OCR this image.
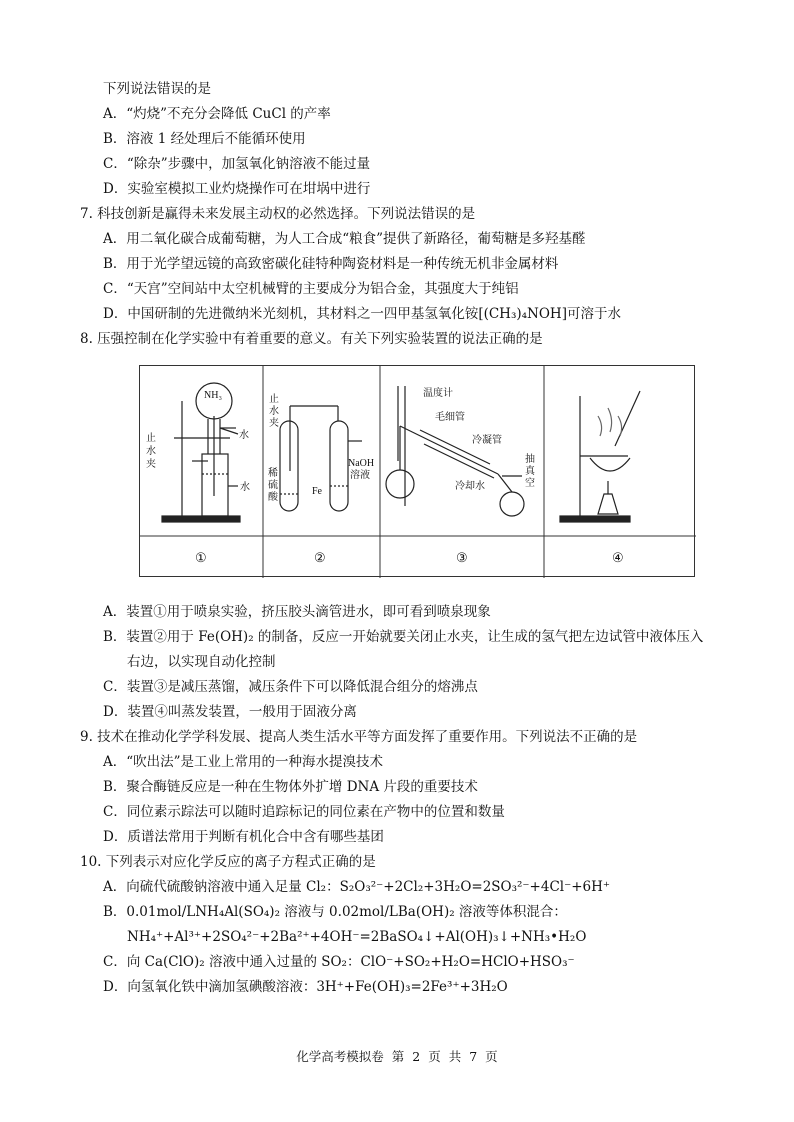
下列说法错误的是
A．“灼烧”不充分会降低 CuCl 的产率
B．溶液 1 经处理后不能循环使用
C．“除杂”步骤中，加氢氧化钠溶液不能过量
D．实验室模拟工业灼烧操作可在坩埚中进行
7. 科技创新是赢得未来发展主动权的必然选择。下列说法错误的是
A．用二氧化碳合成葡萄糖，为人工合成“粮食”提供了新路径，葡萄糖是多羟基醛
B．用于光学望远镜的高致密碳化硅特种陶瓷材料是一种传统无机非金属材料
C．“天宫”空间站中太空机械臂的主要成分为铝合金，其强度大于纯铝
D．中国研制的先进微纳米光刻机，其材料之一四甲基氢氧化铵[(CH₃)₄NOH]可溶于水
8. 压强控制在化学实验中有着重要的意义。有关下列实验装置的说法正确的是
NH₃
水
水
止
水
夹
止
水
夹
稀
硫
酸
Fe
NaOH
溶液
温度计
毛细管
冷凝管
冷却水
抽
真
空
①	②	③	④
A．装置①用于喷泉实验，挤压胶头滴管进水，即可看到喷泉现象
B．装置②用于 Fe(OH)₂ 的制备，反应一开始就要关闭止水夹，让生成的氢气把左边试管中液体压入
右边，以实现自动化控制
C．装置③是减压蒸馏，减压条件下可以降低混合组分的熔沸点
D．装置④叫蒸发装置，一般用于固液分离
9. 技术在推动化学学科发展、提高人类生活水平等方面发挥了重要作用。下列说法不正确的是
A．“吹出法”是工业上常用的一种海水提溴技术
B．聚合酶链反应是一种在生物体外扩增 DNA 片段的重要技术
C．同位素示踪法可以随时追踪标记的同位素在产物中的位置和数量
D．质谱法常用于判断有机化合中含有哪些基团
10. 下列表示对应化学反应的离子方程式正确的是
A．向硫代硫酸钠溶液中通入足量 Cl₂：S₂O₃²⁻+2Cl₂+3H₂O=2SO₃²⁻+4Cl⁻+6H⁺
B．0.01mol/LNH₄Al(SO₄)₂ 溶液与 0.02mol/LBa(OH)₂ 溶液等体积混合：
NH₄⁺+Al³⁺+2SO₄²⁻+2Ba²⁺+4OH⁻=2BaSO₄↓+Al(OH)₃↓+NH₃•H₂O
C．向 Ca(ClO)₂ 溶液中通入过量的 SO₂：ClO⁻+SO₂+H₂O=HClO+HSO₃⁻
D．向氢氧化铁中滴加氢碘酸溶液：3H⁺+Fe(OH)₃=2Fe³⁺+3H₂O
化学高考模拟卷 第 2 页 共 7 页
